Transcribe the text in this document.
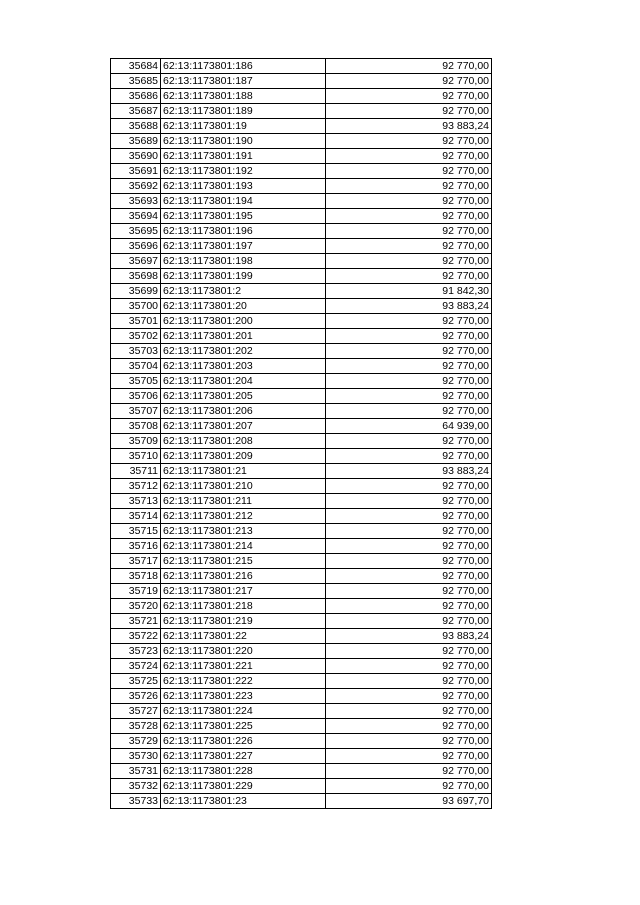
35684	62:13:1173801:186	92 770,00
35685	62:13:1173801:187	92 770,00
35686	62:13:1173801:188	92 770,00
35687	62:13:1173801:189	92 770,00
35688	62:13:1173801:19	93 883,24
35689	62:13:1173801:190	92 770,00
35690	62:13:1173801:191	92 770,00
35691	62:13:1173801:192	92 770,00
35692	62:13:1173801:193	92 770,00
35693	62:13:1173801:194	92 770,00
35694	62:13:1173801:195	92 770,00
35695	62:13:1173801:196	92 770,00
35696	62:13:1173801:197	92 770,00
35697	62:13:1173801:198	92 770,00
35698	62:13:1173801:199	92 770,00
35699	62:13:1173801:2	91 842,30
35700	62:13:1173801:20	93 883,24
35701	62:13:1173801:200	92 770,00
35702	62:13:1173801:201	92 770,00
35703	62:13:1173801:202	92 770,00
35704	62:13:1173801:203	92 770,00
35705	62:13:1173801:204	92 770,00
35706	62:13:1173801:205	92 770,00
35707	62:13:1173801:206	92 770,00
35708	62:13:1173801:207	64 939,00
35709	62:13:1173801:208	92 770,00
35710	62:13:1173801:209	92 770,00
35711	62:13:1173801:21	93 883,24
35712	62:13:1173801:210	92 770,00
35713	62:13:1173801:211	92 770,00
35714	62:13:1173801:212	92 770,00
35715	62:13:1173801:213	92 770,00
35716	62:13:1173801:214	92 770,00
35717	62:13:1173801:215	92 770,00
35718	62:13:1173801:216	92 770,00
35719	62:13:1173801:217	92 770,00
35720	62:13:1173801:218	92 770,00
35721	62:13:1173801:219	92 770,00
35722	62:13:1173801:22	93 883,24
35723	62:13:1173801:220	92 770,00
35724	62:13:1173801:221	92 770,00
35725	62:13:1173801:222	92 770,00
35726	62:13:1173801:223	92 770,00
35727	62:13:1173801:224	92 770,00
35728	62:13:1173801:225	92 770,00
35729	62:13:1173801:226	92 770,00
35730	62:13:1173801:227	92 770,00
35731	62:13:1173801:228	92 770,00
35732	62:13:1173801:229	92 770,00
35733	62:13:1173801:23	93 697,70
